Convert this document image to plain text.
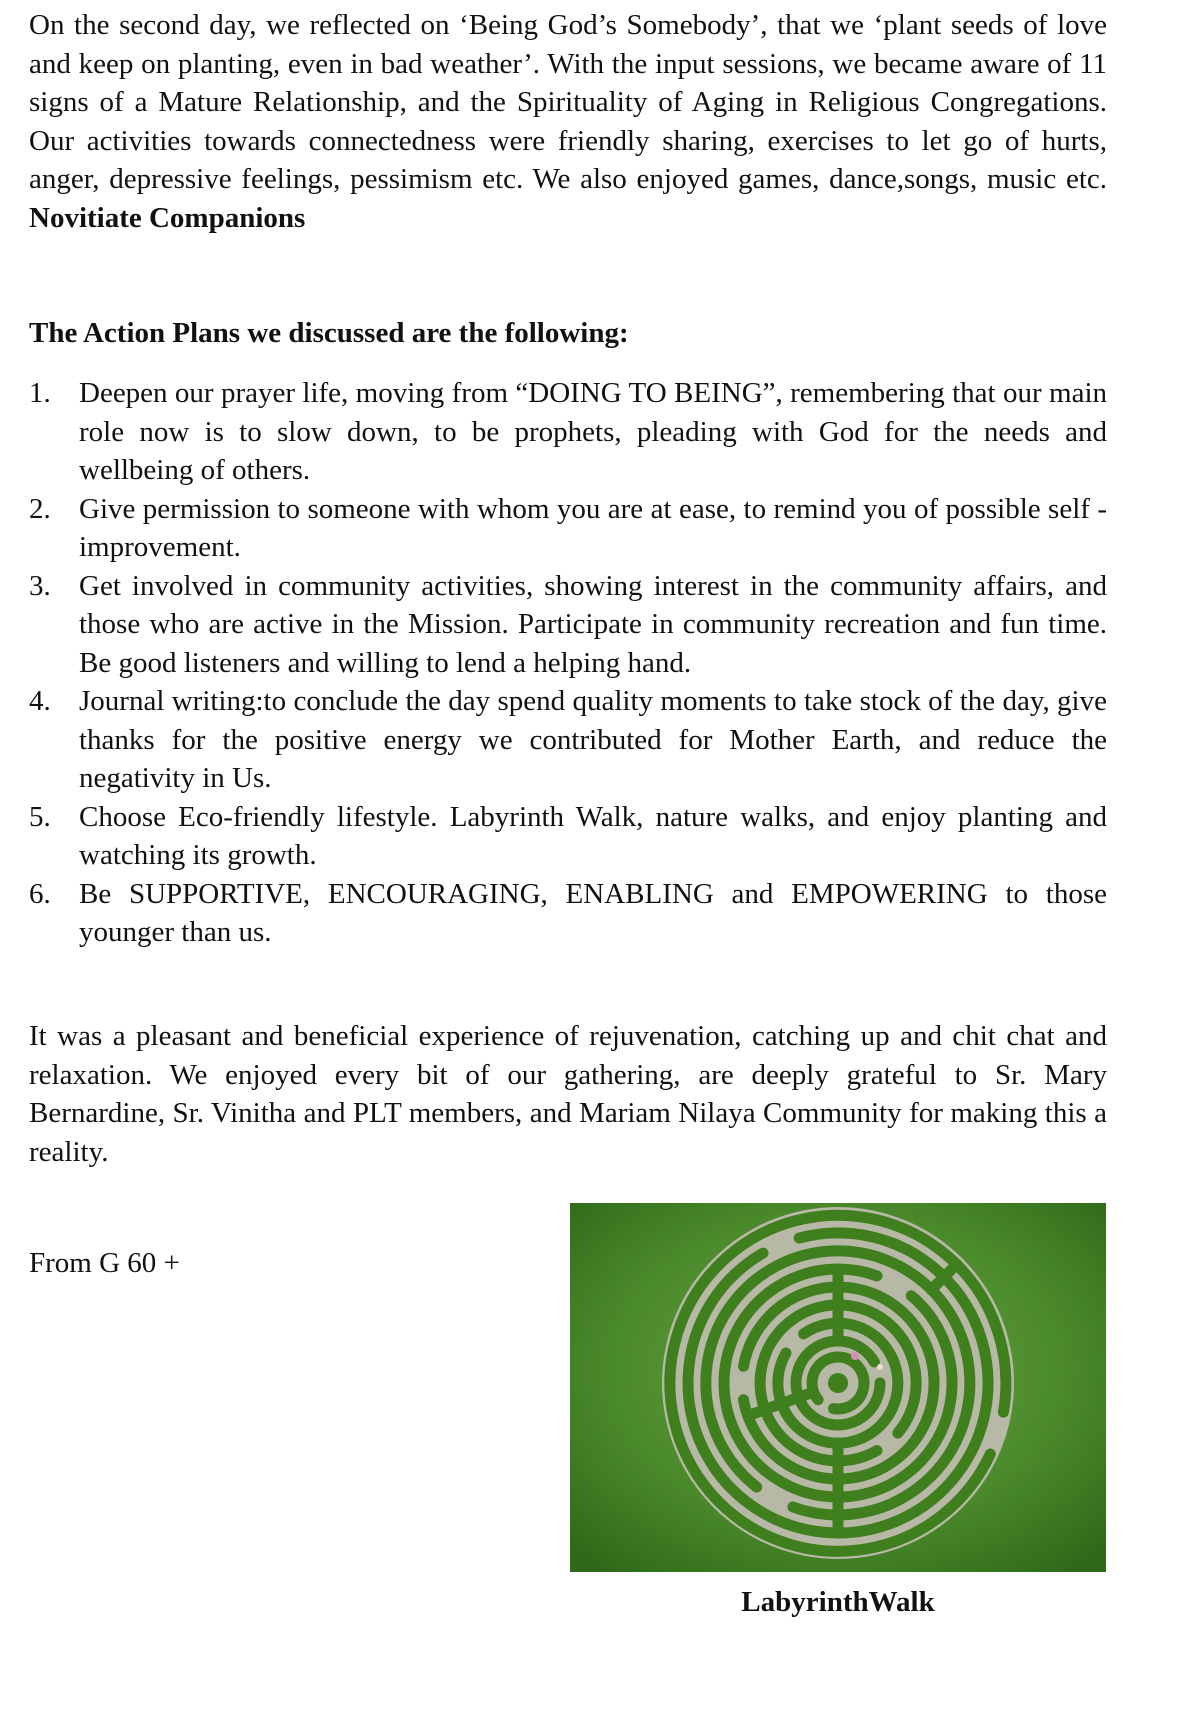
On the second day, we reflected on ‘Being God’s Somebody’, that we ‘plant seeds of love and keep on planting, even in bad weather’. With the input sessions, we became aware of 11 signs of a Mature Relationship, and the Spirituality of Aging in Religious Congregations. Our activities towards connectedness were friendly sharing, exercises to let go of hurts, anger, depressive feelings, pessimism etc. We also enjoyed games, dance,songs, music etc. Novitiate Companions

The Action Plans we discussed are the following:

1. Deepen our prayer life, moving from “DOING TO BEING”, remembering that our main role now is to slow down, to be prophets, pleading with God for the needs and wellbeing of others.
2. Give permission to someone with whom you are at ease, to remind you of possible self - improvement.
3. Get involved in community activities, showing interest in the community affairs, and those who are active in the Mission. Participate in community recreation and fun time. Be good listeners and willing to lend a helping hand.
4. Journal writing:to conclude the day spend quality moments to take stock of the day, give thanks for the positive energy we contributed for Mother Earth, and reduce the negativity in Us.
5. Choose Eco-friendly lifestyle. Labyrinth Walk, nature walks, and enjoy planting and watching its growth.
6. Be SUPPORTIVE, ENCOURAGING, ENABLING and EMPOWERING to those younger than us.

It was a pleasant and beneficial experience of rejuvenation, catching up and chit chat and relaxation. We enjoyed every bit of our gathering, are deeply grateful to Sr. Mary Bernardine, Sr. Vinitha and PLT members, and Mariam Nilaya Community for making this a reality.

From G 60 +
LabyrinthWalk
